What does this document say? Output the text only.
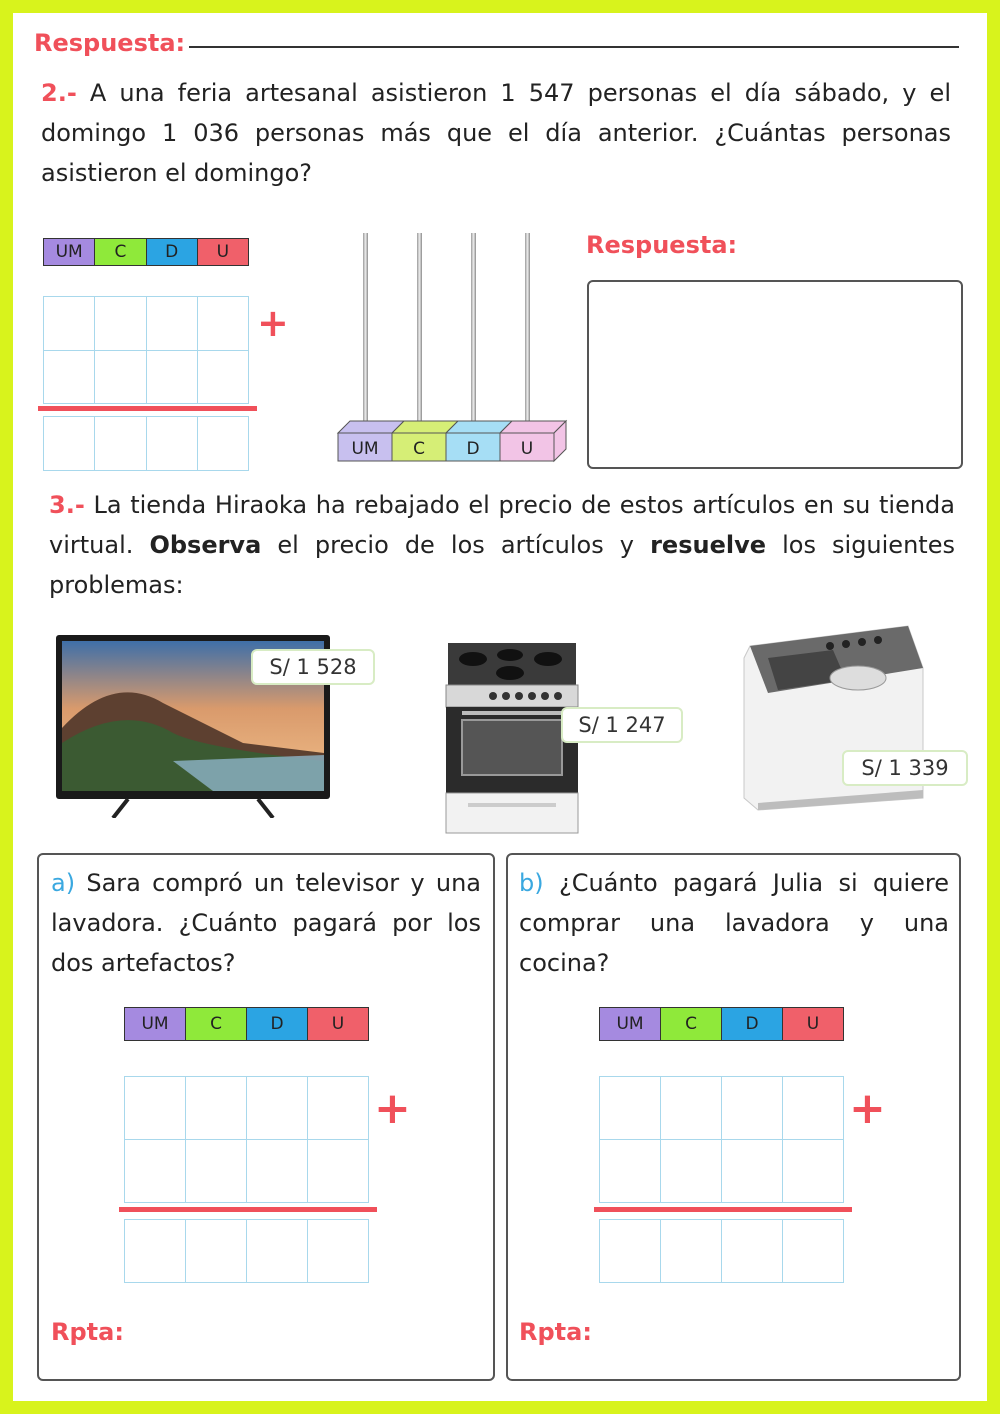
Respuesta:
2.- A una feria artesanal asistieron 1 547 personas el día sábado, y el domingo 1 036 personas más que el día anterior. ¿Cuántas personas asistieron el domingo?
UM	C	D	U
+
UM C D U
Respuesta:
3.- La tienda Hiraoka ha rebajado el precio de estos artículos en su tienda virtual. Observa el precio de los artículos y resuelve los siguientes problemas:
S/ 1 528
S/ 1 247
S/ 1 339
a) Sara compró un televisor y una lavadora. ¿Cuánto pagará por los dos artefactos?
UM	C	D	U
+
Rpta:
b) ¿Cuánto pagará Julia si quiere comprar una lavadora y una cocina?
UM	C	D	U
+
Rpta:
